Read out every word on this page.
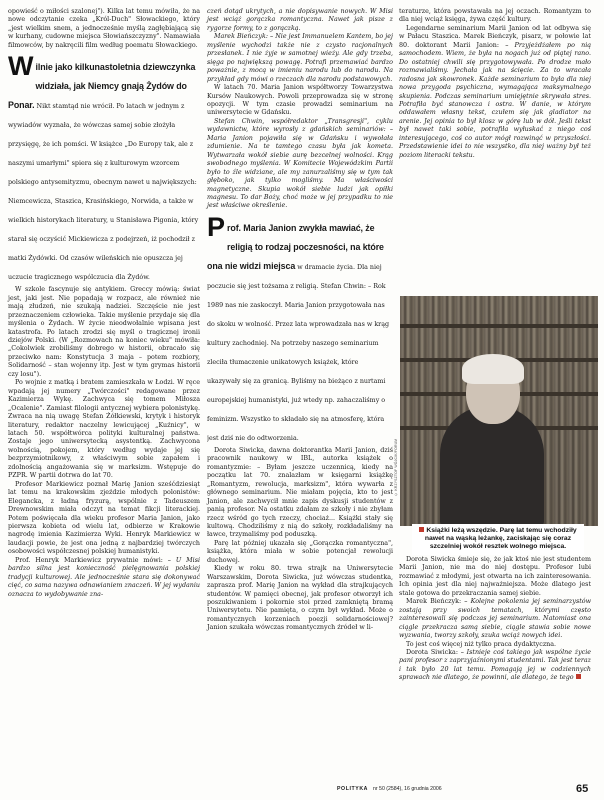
opowieść o miłości szalonej"). Kilka lat temu mówiła, że na nowe odczytanie czeka „Król-Duch" Słowackiego, który „jest wielkim snem, a jednocześnie myślą zagłębiającą się w kurhany, cudowne miejsca Słowiańszczyzny". Namawiała filmowców, by nakręcili film według poematu Słowackiego.

W ilnie jako kilkunastoletnia dziewczynka widziała, jak Niemcy gnają Żydów do Ponar. Nikt stamtąd nie wrócił. Po latach w jednym z wywiadów wyznała, że wówczas samej sobie złożyła przysięgę, że ich pomści. W książce „Do Europy tak, ale z naszymi umarłymi" spiera się z kulturowym wzorcem polskiego antysemityzmu, obecnym nawet u największych: Niemcewicza, Staszica, Krasińskiego, Norwida, a także w wielkich historykach literatury, u Stanisława Pigonia, który starał się oczyścić Mickiewicza z podejrzeń, iż pochodził z matki Żydówki. Od czasów wileńskich nie opuszcza jej uczucie tragicznego wspólczucia dla Żydów.

W szkole fascynuje się antykiem. Greccy mówią: świat jest, jaki jest. Nie popadają w rozpacz, ale również nie mają złudzeń, nie szukają nadziei. Szczęście nie jest przeznaczeniem człowieka. Takie myślenie przydaje się dla myślenia o Żydach. W życie nieodwołalnie wpisana jest katastrofa. Po latach zrodzi się myśl o tragicznej ironii dziejów Polski. (W „Rozmowach na koniec wieku" mówiła: „Cokolwiek zrobiliśmy dobrego w historii, obracało się przeciwko nam: Konstytucja 3 maja – potem rozbiory, Solidarność – stan wojenny itp. Jest w tym grymas historii czy losu").

Po wojnie z matką i bratem zamieszkała w Łodzi. W ręce wpadają jej numery „Twórczości" redagowane przez Kazimierza Wykę. Zachwyca się tomem Miłosza „Ocalenie". Zamiast filologii antycznej wybiera polonistykę. Zwraca na nią uwagę Stefan Żółkiewski, krytyk i historyk literatury, redaktor naczelny lewicującej „Kuźnicy", w latach 50. współtwórca polityki kulturalnej państwa. Zostaje jego uniwersytecką asystentką. Zachwycona wolnością, pokojem, który według wydaje jej się bezprzymiotnikowy, z właściwym sobie zapałem i zdolnością angażowania się w marksizm. Wstępuje do PZPR. W partii dotrwa do lat 70.

Profesor Markiewicz poznał Marię Janion sześćdziesiąt lat temu na krakowskim zjeździe młodych polonistów: Elegancka, z ładną fryzurą, wspólnie z Tadeuszem Drewnowskim miała odczyt na temat fikcji literackiej. Potem poświęcała dla wieku profesor Maria Janion, jako pierwsza kobieta od wielu lat, odbierze w Krakowie nagrodę imienia Kazimierza Wyki. Henryk Markiewicz w laudacji powie, że jest ona jedną z najbardziej twórczych osobowości współczesnej polskiej humanistyki.

Prof. Henryk Markiewicz prywatnie mówi: – U Misi bardzo silna jest konieczność pielęgnowania polskiej tradycji kulturowej. Ale jednocześnie stara się dokonywać cięć, co sama nazywa odnawianiem znaczeń. W jej wydaniu oznacza to wydobywanie zna-

czeń dotąd ukrytych, a nie dopisywanie nowych. W Misi jest wciąż gorączka romantyczna. Nawet jak pisze z rygorze formy, to z gorączką.

Marek Bieńczyk: – Nie jest Immanuelem Kantem, bo jej myślenie wychodzi także nie z czysto racjonalnych przesłanek. I nie żyje w samotnej wieży. Ale gdy trzeba, sięga po największą powagę. Potrafi przemawiać bardzo poważnie, z mocą w imieniu narodu lub do narodu. Na przykład gdy mówi o rzeczach dla narodu podstawowych.

W latach 70. Maria Janion współtworzy Towarzystwa Kursów Naukowych. Powoli przeprowadza się w stronę opozycji. W tym czasie prowadzi seminarium na uniwersytecie w Gdańsku.

Stefan Chwin, współredaktor „Transgresji", cyklu wydawnictw, które wyrosły z gdańskich seminariów: – Maria Janion pojawiła się w Gdańsku i wywołała zdumienie. Na te tamtego czasu była jak kometa. Wytwarzała wokół siebie aurę bezcelnej wolności. Krąg swobodnego myślenia. W Komitecie Wojewódzkim Partii było to źle widziane, ale my zanurzaliśmy się w tym tak głęboko, jak tylko mogliśmy. Ma właściwości magnetyczne. Skupia wokół siebie ludzi jak opiłki magnesu. To dar Boży, choć może w jej przypadku to nie jest właściwe określenie.

P rof. Maria Janion zwykła mawiać, że religią to rodzaj poczesności, na które ona nie widzi miejsca w dramacie życia. Dla niej poczucie się jest tożsama z religią. Stefan Chwin: – Rok 1989 nas nie zaskoczył. Maria Janion przygotowała nas do skoku w wolność. Przez lata wprowadzała nas w krąg kultury zachodniej. Na potrzeby naszego seminarium zleciła tłumaczenie unikatowych książek, które ukazywały się za granicą. Byliśmy na bieżąco z nurtami europejskiej humanistyki, już wtedy np. zahaczaliśmy o feminizm. Wszystko to składało się na atmosferę, która jest dziś nie do odtworzenia.

Dorota Siwicka, dawna doktorantka Marii Janion, dziś pracownik naukowy w IBL, autorka książek o romantyzmie: – Byłam jeszcze uczennicą, kiedy na początku lat 70. znalazłam w księgarni książkę „Romantyzm, rewolucja, marksizm", która wywarła z głównego seminarium. Nie miałam pojęcia, kto to jest Janion, ale zachwycił mnie zapis dyskusji studentów z panią profesor. Na ostatku zdałam ze szkoły i nie zbyłam rzecz wśród go tych rzeczy, chociaż... Książki stały się kultową. Chodziliśmy z nią do szkoły, rozkładaliśmy na ławce, trzymaliśmy pod poduszką.

Parę lat później ukazała się „Gorączka romantyczna", książka, która miała w sobie potencjał rewolucji duchowej.

Kiedy w roku 80. trwa strajk na Uniwersytecie Warszawskim, Dorota Siwicka, już wówczas studentka, zaprasza prof. Marię Janion na wykład dla strajkujących studentów. W pamięci obecnej, jak profesor otworzył ich poszukiwaniem i pokornie stoi przed zamkniętą bramą Uniwersytetu. Nie pamięta, o czym był wykład. Może o romantycznych korzeniach poezji solidarnościowej? Janion szukała wówczas romantycznych źródeł w li-

teraturze, która powstawała na jej oczach. Romantyzm to dla niej wciąż księga, żywa część kultury.

Legendarne seminarium Marii Janion od lat odbywa się w Pałacu Staszica. Marek Bieńczyk, pisarz, w połowie lat 80. doktorant Marii Janion: – Przyjeżdżałem po nią samochodem. Wiem, że była na nogach już od piątej rano. Do ostatniej chwili się przygotowywała. Po drodze mało rozmawialiśmy. Jechała jak na ścięcie. Za to wracała radosna jak skowronek. Każde seminarium to była dla niej nowa przygoda psychiczna, wymagająca maksymalnego skupienia. Podczas seminarium umiejętnie skrywała stres. Potrafiła być stanowcza i ostra. W danie, w którym oddawałem własny tekst, czułem się jak gladiator na arenie. Jej opinia to był klosz w górę lub w dół. Jeśli tekst był nawet taki sobie, potrafiła wyłuskać z niego coś interesującego, coś co autor mógł rozwinąć w przyszłości. Przedstawienie idei to nie wszystko, dla niej ważny był też poziom literacki tekstu.

© KRZYSZTOF WÓJCIK/FORUM
Książki leżą wszędzie. Parę lat temu wchodziły nawet na wąską leżankę, zaciskając się coraz szczelniej wokół resztek wolnego miejsca.

Dorota Siwicka śmieje się, że jak ktoś nie jest studentem Marii Janion, nie ma do niej dostępu. Profesor lubi rozmawiać z młodymi, jest otwarta na ich zainteresowania. Ich opinia jest dla niej najważniejsza. Może dlatego jest stale gotowa do przekraczania samej siebie.

Marek Bieńczyk: – Kolejne pokolenia jej seminarzystów zostają przy swoich tematach, którymi często zainteresowali się podczas jej seminarium. Natomiast ona ciągle przekracza samą siebie, ciągle stawia sobie nowe wyzwania, tworzy szkoły, szuka wciąż nowych idei.

To jest coś więcej niż tylko praca dydaktyczna.

Dorota Siwicka: – Istnieje coś takiego jak wspólne życie pani profesor z zaprzyjaźnionymi studentami. Tak jest teraz i tak było 20 lat temu. Pomagają jej w codziennych sprawach nie dlatego, że powinni, ale dlatego, że tego

POLITYKA nr 50 (2584), 16 grudnia 2006	65
